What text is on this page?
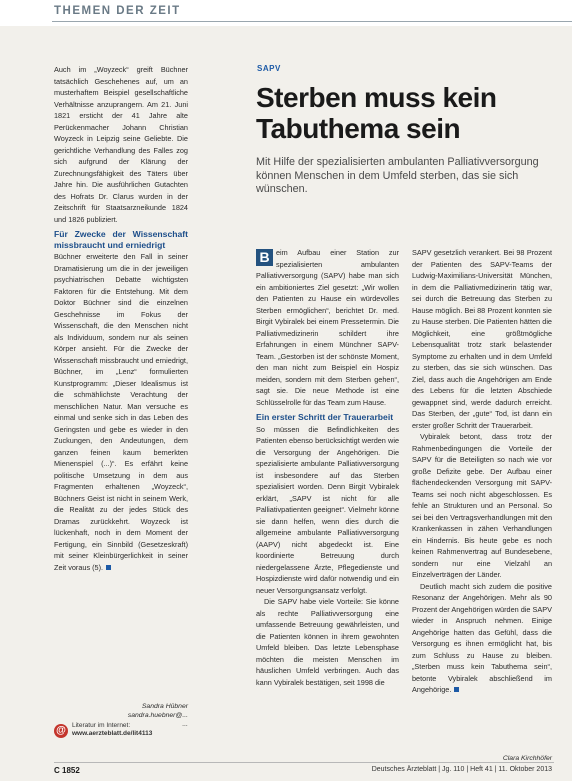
THEMEN DER ZEIT

Auch im „Woyzeck“ greift Büchner tatsächlich Geschehenes auf, um an musterhaftem Beispiel gesellschaftliche Verhältnisse anzuprangern. Am 21. Juni 1821 ersticht der 41 Jahre alte Perückenmacher Johann Christian Woyzeck in Leipzig seine Geliebte. Die gerichtliche Verhandlung des Falles zog sich aufgrund der Klärung der Zurechnungsfähigkeit des Täters über Jahre hin. Die ausführlichen Gutachten des Hofrats Dr. Clarus wurden in der Zeitschrift für Staatsarzneikunde 1824 und 1826 publiziert.

Für Zwecke der Wissenschaft missbraucht und erniedrigt

Büchner erweiterte den Fall in seiner Dramatisierung um die in der jeweiligen psychiatrischen Debatte wichtigsten Faktoren für die Entstehung. Mit dem Doktor Büchner sind die einzelnen Geschehnisse im Fokus der Wissenschaft, die den Menschen nicht als Individuum, sondern nur als seinen Körper ansieht. Für die Zwecke der Wissenschaft missbraucht und erniedrigt, Büchner, im „Lenz“ formulierten Kunstprogramm: „Dieser Idealismus ist die schmählichste Verachtung der menschlichen Natur. Man versuche es einmal und senke sich in das Leben des Geringsten und gebe es wieder in den Zuckungen, den Andeutungen, dem ganzen feinen kaum bemerkten Mienenspiel (...)“. Es erfährt keine politische Umsetzung in dem aus Fragmenten erhaltenen „Woyzeck“, Büchners Geist ist nicht in seinem Werk, die Realität zu der jedes Stück des Dramas zurückkehrt. Woyzeck ist lückenhaft, noch in dem Moment der Fertigung, ein Sinnbild (Gesetzeskraft) mit seiner Kleinbürgerlichkeit in seiner Zeit voraus (5).

Sandra Hübner
sandra.huebner@...
...
@ Literatur im Internet:
www.aerzteblatt.de/lit4113
SAPV
Sterben muss kein Tabuthema sein
Mit Hilfe der spezialisierten ambulanten Palliativversorgung können Menschen in dem Umfeld sterben, das sie sich wünschen.

B eim Aufbau einer Station zur spezialisierten ambulanten Palliativversorgung (SAPV) habe man sich ein ambitioniertes Ziel gesetzt: „Wir wollen den Patienten zu Hause ein würdevolles Sterben ermöglichen“, berichtet Dr. med. Birgit Vybiralek bei einem Pressetermin. Die Palliativmedizinerin schildert ihre Erfahrungen in einem Münchner SAPV-Team. „Gestorben ist der schönste Moment, den man nicht zum Beispiel ein Hospiz meiden, sondern mit dem Sterben gehen“, sagt sie. Die neue Methode ist eine Schlüsselrolle für das Team zum Hause.

Ein erster Schritt der Trauerarbeit

So müssen die Befindlichkeiten des Patienten ebenso berücksichtigt werden wie die Versorgung der Angehörigen. Die spezialisierte ambulante Palliativversorgung ist insbesondere auf das Sterben spezialisiert worden. Denn Birgit Vybiralek erklärt, „SAPV ist nicht für alle Palliativpatienten geeignet“. Vielmehr könne sie dann helfen, wenn dies durch die allgemeine ambulante Palliativversorgung (AAPV) nicht abgedeckt ist. Eine koordinierte Betreuung durch niedergelassene Ärzte, Pflegedienste und Hospizdienste wird dafür notwendig und ein neuer Versorgungsansatz verfolgt.

Die SAPV habe viele Vorteile: Sie könne als rechte Palliativversorgung eine umfassende Betreuung gewährleisten, und die Patienten können in ihrem gewohnten Umfeld bleiben. Das letzte Lebensphase möchten die meisten Menschen im häuslichen Umfeld verbringen. Auch das kann Vybiralek bestätigen, seit 1998 die

SAPV gesetzlich verankert. Bei 98 Prozent der Patienten des SAPV-Teams der Ludwig-Maximilians-Universität München, in dem die Palliativmedizinerin tätig war, sei durch die Betreuung das Sterben zu Hause möglich. Bei 88 Prozent konnten sie zu Hause sterben. Die Patienten hätten die Möglichkeit, eine größtmögliche Lebensqualität trotz stark belastender Symptome zu erhalten und in dem Umfeld zu sterben, das sie sich wünschen. Das Ziel, dass auch die Angehörigen am Ende des Lebens für die letzten Abschiede gewappnet sind, werde dadurch erreicht. Das Sterben, der „gute“ Tod, ist dann ein erster großer Schritt der Trauerarbeit.

Vybiralek betont, dass trotz der Rahmenbedingungen die Vorteile der SAPV für die Beteiligten so nach wie vor große Defizite gebe. Der Aufbau einer flächendeckenden Versorgung mit SAPV-Teams sei noch nicht abgeschlossen. Es fehle an Strukturen und an Personal. So sei bei den Vertragsverhandlungen mit den Krankenkassen in zähen Verhandlungen ein Hindernis. Bis heute gebe es noch keinen Rahmenvertrag auf Bundesebene, sondern nur eine Vielzahl an Einzelverträgen der Länder.

Deutlich macht sich zudem die positive Resonanz der Angehörigen. Mehr als 90 Prozent der Angehörigen würden die SAPV wieder in Anspruch nehmen. Einige Angehörige hatten das Gefühl, dass die Versorgung es ihnen ermöglicht hat, bis zum Schluss zu Hause zu bleiben. „Sterben muss kein Tabuthema sein“, betonte Vybiralek abschließend im Angehörige.

Clara Kirchhöfer
C 1852	Deutsches Ärzteblatt | Jg. 110 | Heft 41 | 11. Oktober 2013
